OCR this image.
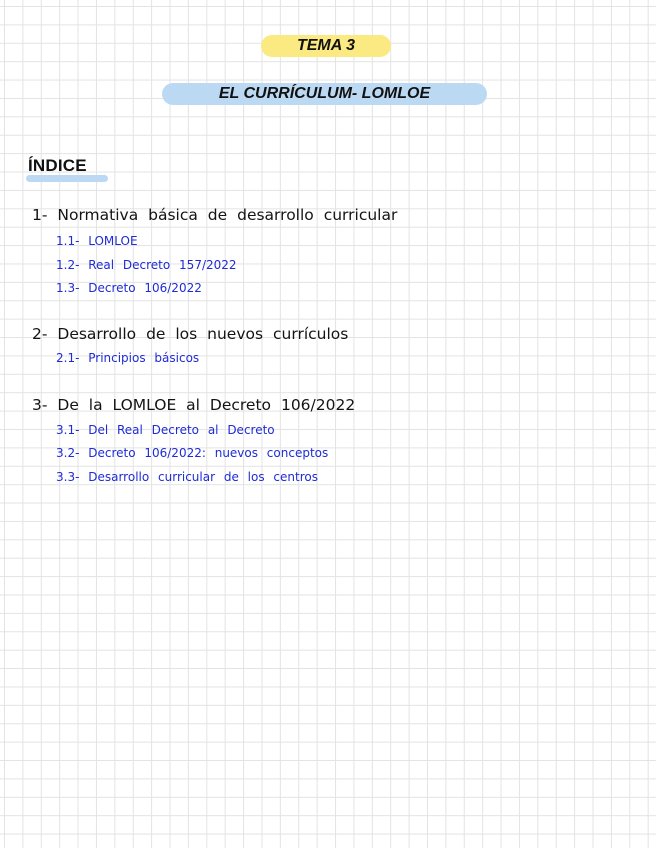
TEMA 3
EL CURRÍCULUM- LOMLOE
ÍNDICE
1- Normativa básica de desarrollo curricular
1.1- LOMLOE
1.2- Real Decreto 157/2022
1.3- Decreto 106/2022
2- Desarrollo de los nuevos currículos
2.1- Principios básicos
3- De la LOMLOE al Decreto 106/2022
3.1- Del Real Decreto al Decreto
3.2- Decreto 106/2022: nuevos conceptos
3.3- Desarrollo curricular de los centros
